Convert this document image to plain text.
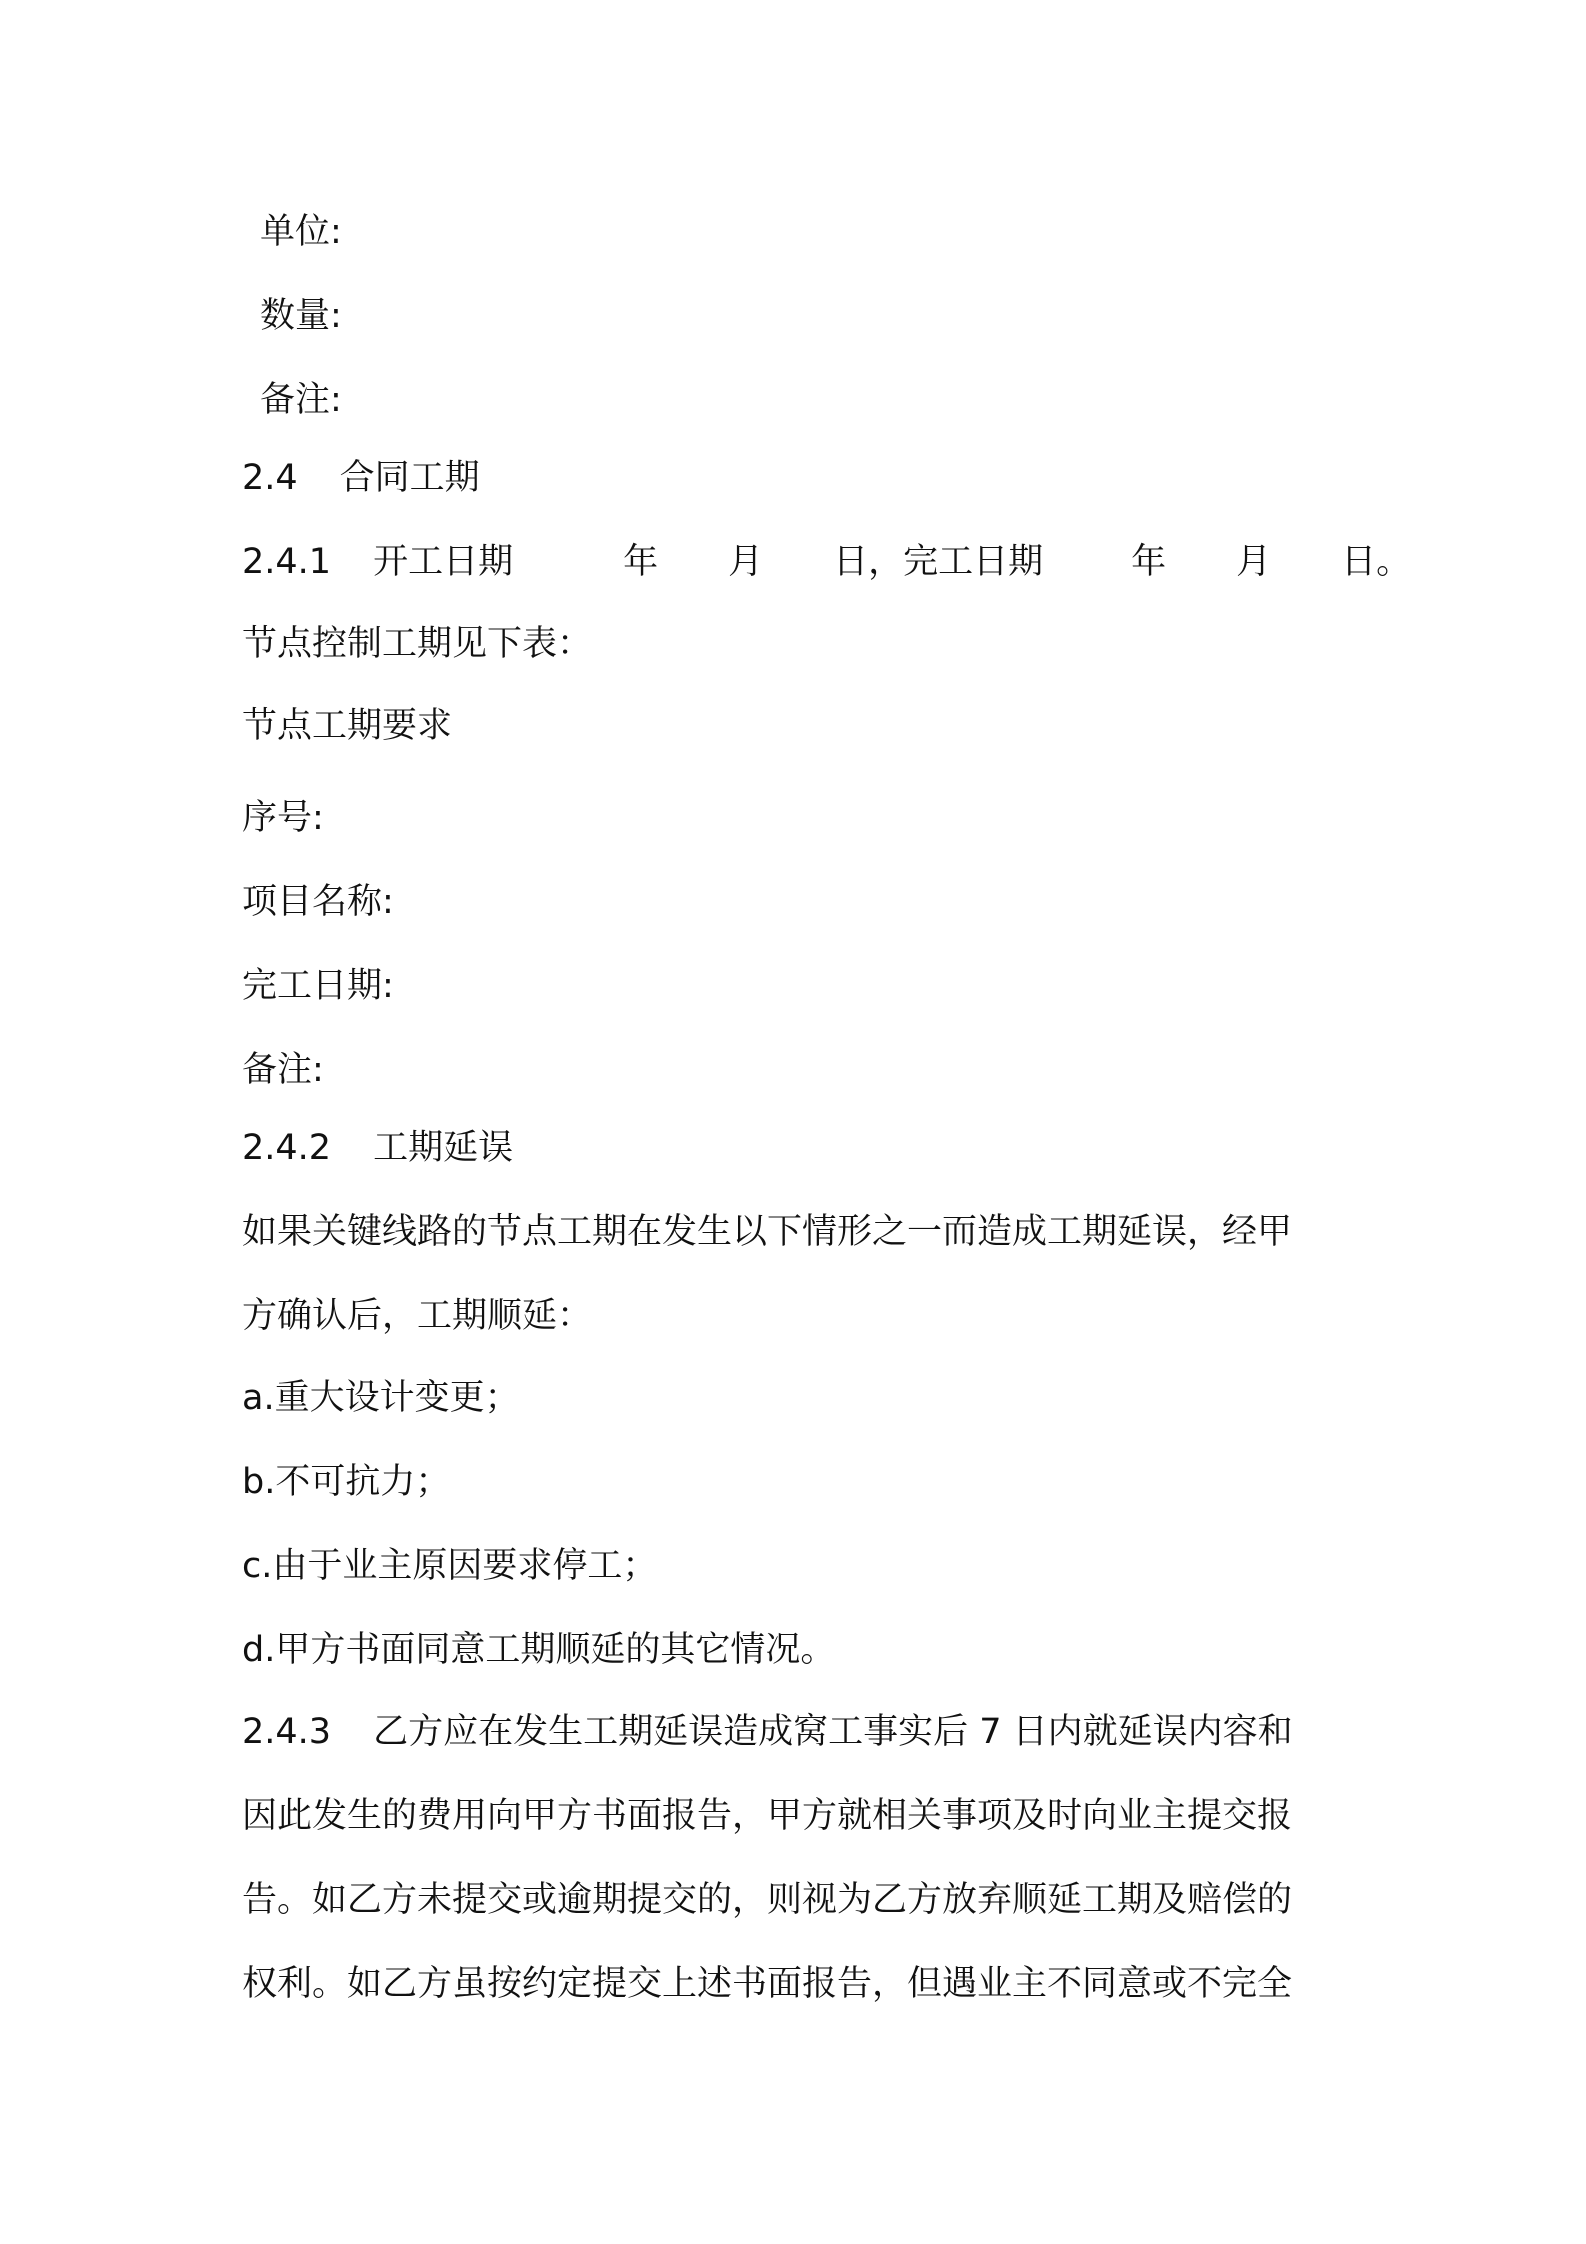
单位:
数量:
备注:
2.4 合同工期
2.4.1 开工日期	年 月 日，完工日期	年 月 日。
节点控制工期见下表：
节点工期要求
序号:
项目名称:
完工日期:
备注:
2.4.2 工期延误
如果关键线路的节点工期在发生以下情形之一而造成工期延误，经甲
方确认后，工期顺延：
a.重大设计变更；
b.不可抗力；
c.由于业主原因要求停工；
d.甲方书面同意工期顺延的其它情况。
2.4.3 乙方应在发生工期延误造成窝工事实后 7 日内就延误内容和
因此发生的费用向甲方书面报告，甲方就相关事项及时向业主提交报
告。如乙方未提交或逾期提交的，则视为乙方放弃顺延工期及赔偿的
权利。如乙方虽按约定提交上述书面报告，但遇业主不同意或不完全
